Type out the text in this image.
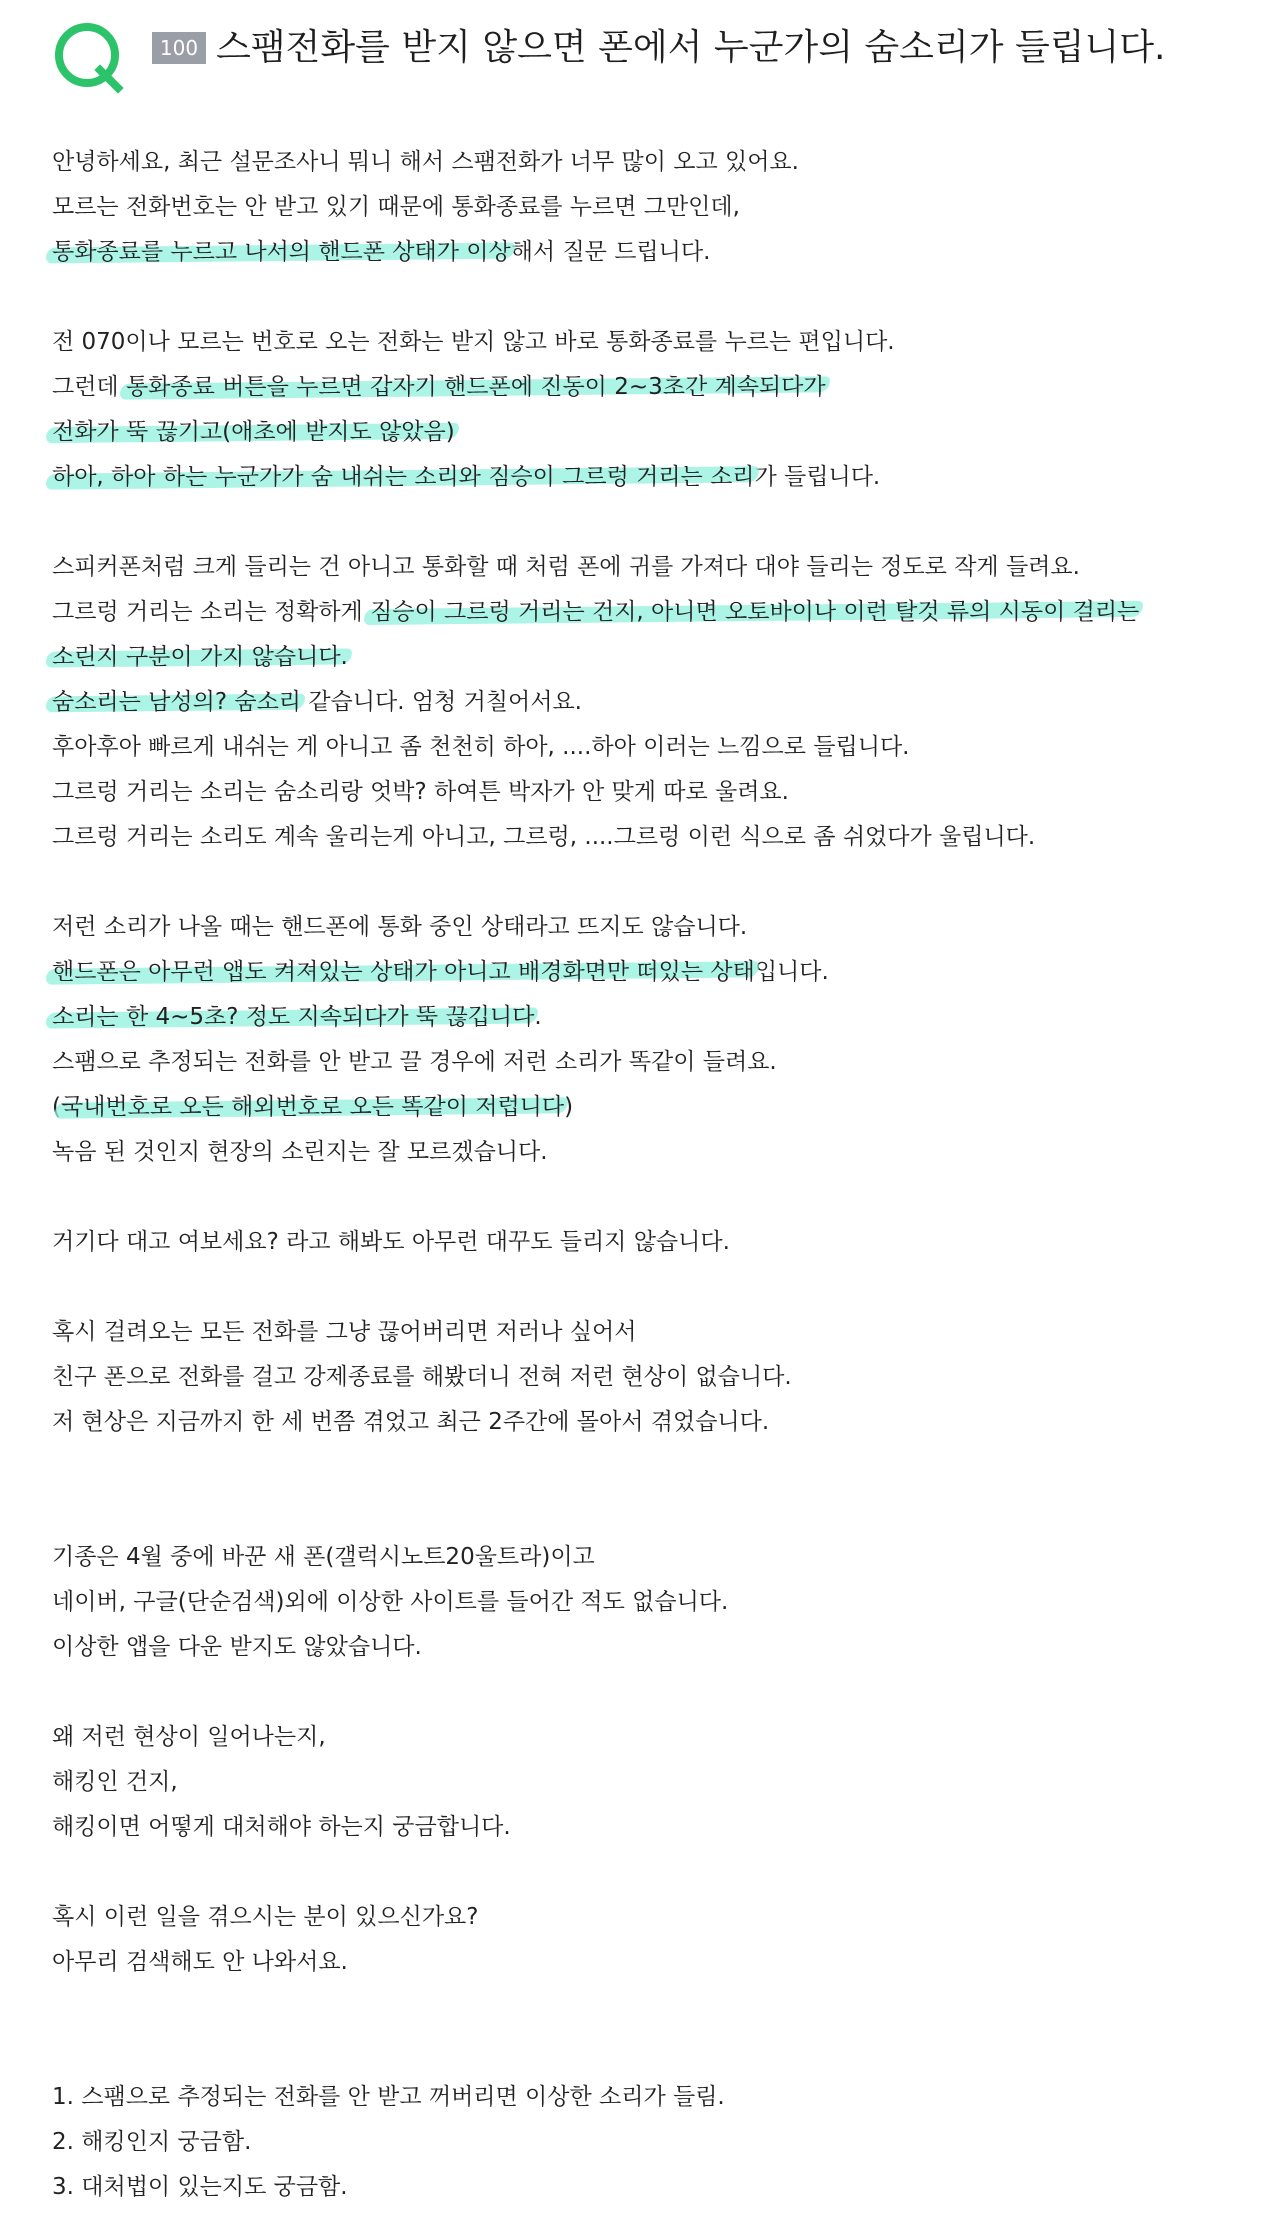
100 스팸전화를 받지 않으면 폰에서 누군가의 숨소리가 들립니다.
안녕하세요, 최근 설문조사니 뭐니 해서 스팸전화가 너무 많이 오고 있어요.
모르는 전화번호는 안 받고 있기 때문에 통화종료를 누르면 그만인데,
통화종료를 누르고 나서의 핸드폰 상태가 이상해서 질문 드립니다.
전 070이나 모르는 번호로 오는 전화는 받지 않고 바로 통화종료를 누르는 편입니다.
그런데 통화종료 버튼을 누르면 갑자기 핸드폰에 진동이 2~3초간 계속되다가
전화가 뚝 끊기고(애초에 받지도 않았음)
하아, 하아 하는 누군가가 숨 내쉬는 소리와 짐승이 그르렁 거리는 소리가 들립니다.
스피커폰처럼 크게 들리는 건 아니고 통화할 때 처럼 폰에 귀를 가져다 대야 들리는 정도로 작게 들려요.
그르렁 거리는 소리는 정확하게 짐승이 그르렁 거리는 건지, 아니면 오토바이나 이런 탈것 류의 시동이 걸리는
소린지 구분이 가지 않습니다.
숨소리는 남성의? 숨소리 같습니다. 엄청 거칠어서요.
후아후아 빠르게 내쉬는 게 아니고 좀 천천히 하아, ....하아 이러는 느낌으로 들립니다.
그르렁 거리는 소리는 숨소리랑 엇박? 하여튼 박자가 안 맞게 따로 울려요.
그르렁 거리는 소리도 계속 울리는게 아니고, 그르렁, ....그르렁 이런 식으로 좀 쉬었다가 울립니다.
저런 소리가 나올 때는 핸드폰에 통화 중인 상태라고 뜨지도 않습니다.
핸드폰은 아무런 앱도 켜져있는 상태가 아니고 배경화면만 떠있는 상태입니다.
소리는 한 4~5초? 정도 지속되다가 뚝 끊깁니다.
스팸으로 추정되는 전화를 안 받고 끌 경우에 저런 소리가 똑같이 들려요.
(국내번호로 오든 해외번호로 오든 똑같이 저럽니다)
녹음 된 것인지 현장의 소린지는 잘 모르겠습니다.
거기다 대고 여보세요? 라고 해봐도 아무런 대꾸도 들리지 않습니다.
혹시 걸려오는 모든 전화를 그냥 끊어버리면 저러나 싶어서
친구 폰으로 전화를 걸고 강제종료를 해봤더니 전혀 저런 현상이 없습니다.
저 현상은 지금까지 한 세 번쯤 겪었고 최근 2주간에 몰아서 겪었습니다.
기종은 4월 중에 바꾼 새 폰(갤럭시노트20울트라)이고
네이버, 구글(단순검색)외에 이상한 사이트를 들어간 적도 없습니다.
이상한 앱을 다운 받지도 않았습니다.
왜 저런 현상이 일어나는지,
해킹인 건지,
해킹이면 어떻게 대처해야 하는지 궁금합니다.
혹시 이런 일을 겪으시는 분이 있으신가요?
아무리 검색해도 안 나와서요.
1. 스팸으로 추정되는 전화를 안 받고 꺼버리면 이상한 소리가 들림.
2. 해킹인지 궁금함.
3. 대처법이 있는지도 궁금함.
